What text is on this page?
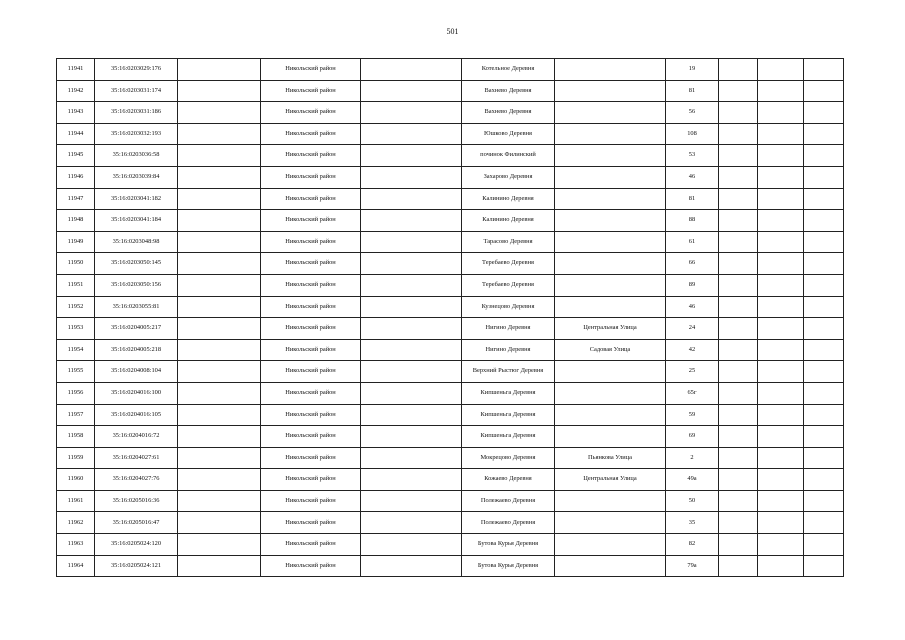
501
11941	35:16:0203029:176		Никольский район		Котельное Деревня		19			
11942	35:16:0203031:174		Никольский район		Вахнево Деревня		81			
11943	35:16:0203031:186		Никольский район		Вахнево Деревня		56			
11944	35:16:0203032:193		Никольский район		Юшково Деревня		108			
11945	35:16:0203036:58		Никольский район		починок Филинский		53			
11946	35:16:0203039:84		Никольский район		Захарово Деревня		46			
11947	35:16:0203041:182		Никольский район		Калинино Деревня		81			
11948	35:16:0203041:184		Никольский район		Калинино Деревня		88			
11949	35:16:0203048:98		Никольский район		Тарасово Деревня		61			
11950	35:16:0203050:145		Никольский район		Теребаево Деревня		66			
11951	35:16:0203050:156		Никольский район		Теребаево Деревня		89			
11952	35:16:0203055:81		Никольский район		Кузнецово Деревня		46			
11953	35:16:0204005:217		Никольский район		Нигино Деревня	Центральная Улица	24			
11954	35:16:0204005:218		Никольский район		Нигино Деревня	Садовая Улица	42			
11955	35:16:0204008:104		Никольский район		Верхний Рыстюг Деревня		25			
11956	35:16:0204016:100		Никольский район		Кипшеньга Деревня		65г			
11957	35:16:0204016:105		Никольский район		Кипшеньга Деревня		59			
11958	35:16:0204016:72		Никольский район		Кипшеньга Деревня		69			
11959	35:16:0204027:61		Никольский район		Мокрецово Деревня	Пьянкова Улица	2			
11960	35:16:0204027:76		Никольский район		Кожаево Деревня	Центральная Улица	49а			
11961	35:16:0205016:36		Никольский район		Полежаево Деревня		50			
11962	35:16:0205016:47		Никольский район		Полежаево Деревня		35			
11963	35:16:0205024:120		Никольский район		Бутова Курья Деревня		82			
11964	35:16:0205024:121		Никольский район		Бутова Курья Деревня		79а			
